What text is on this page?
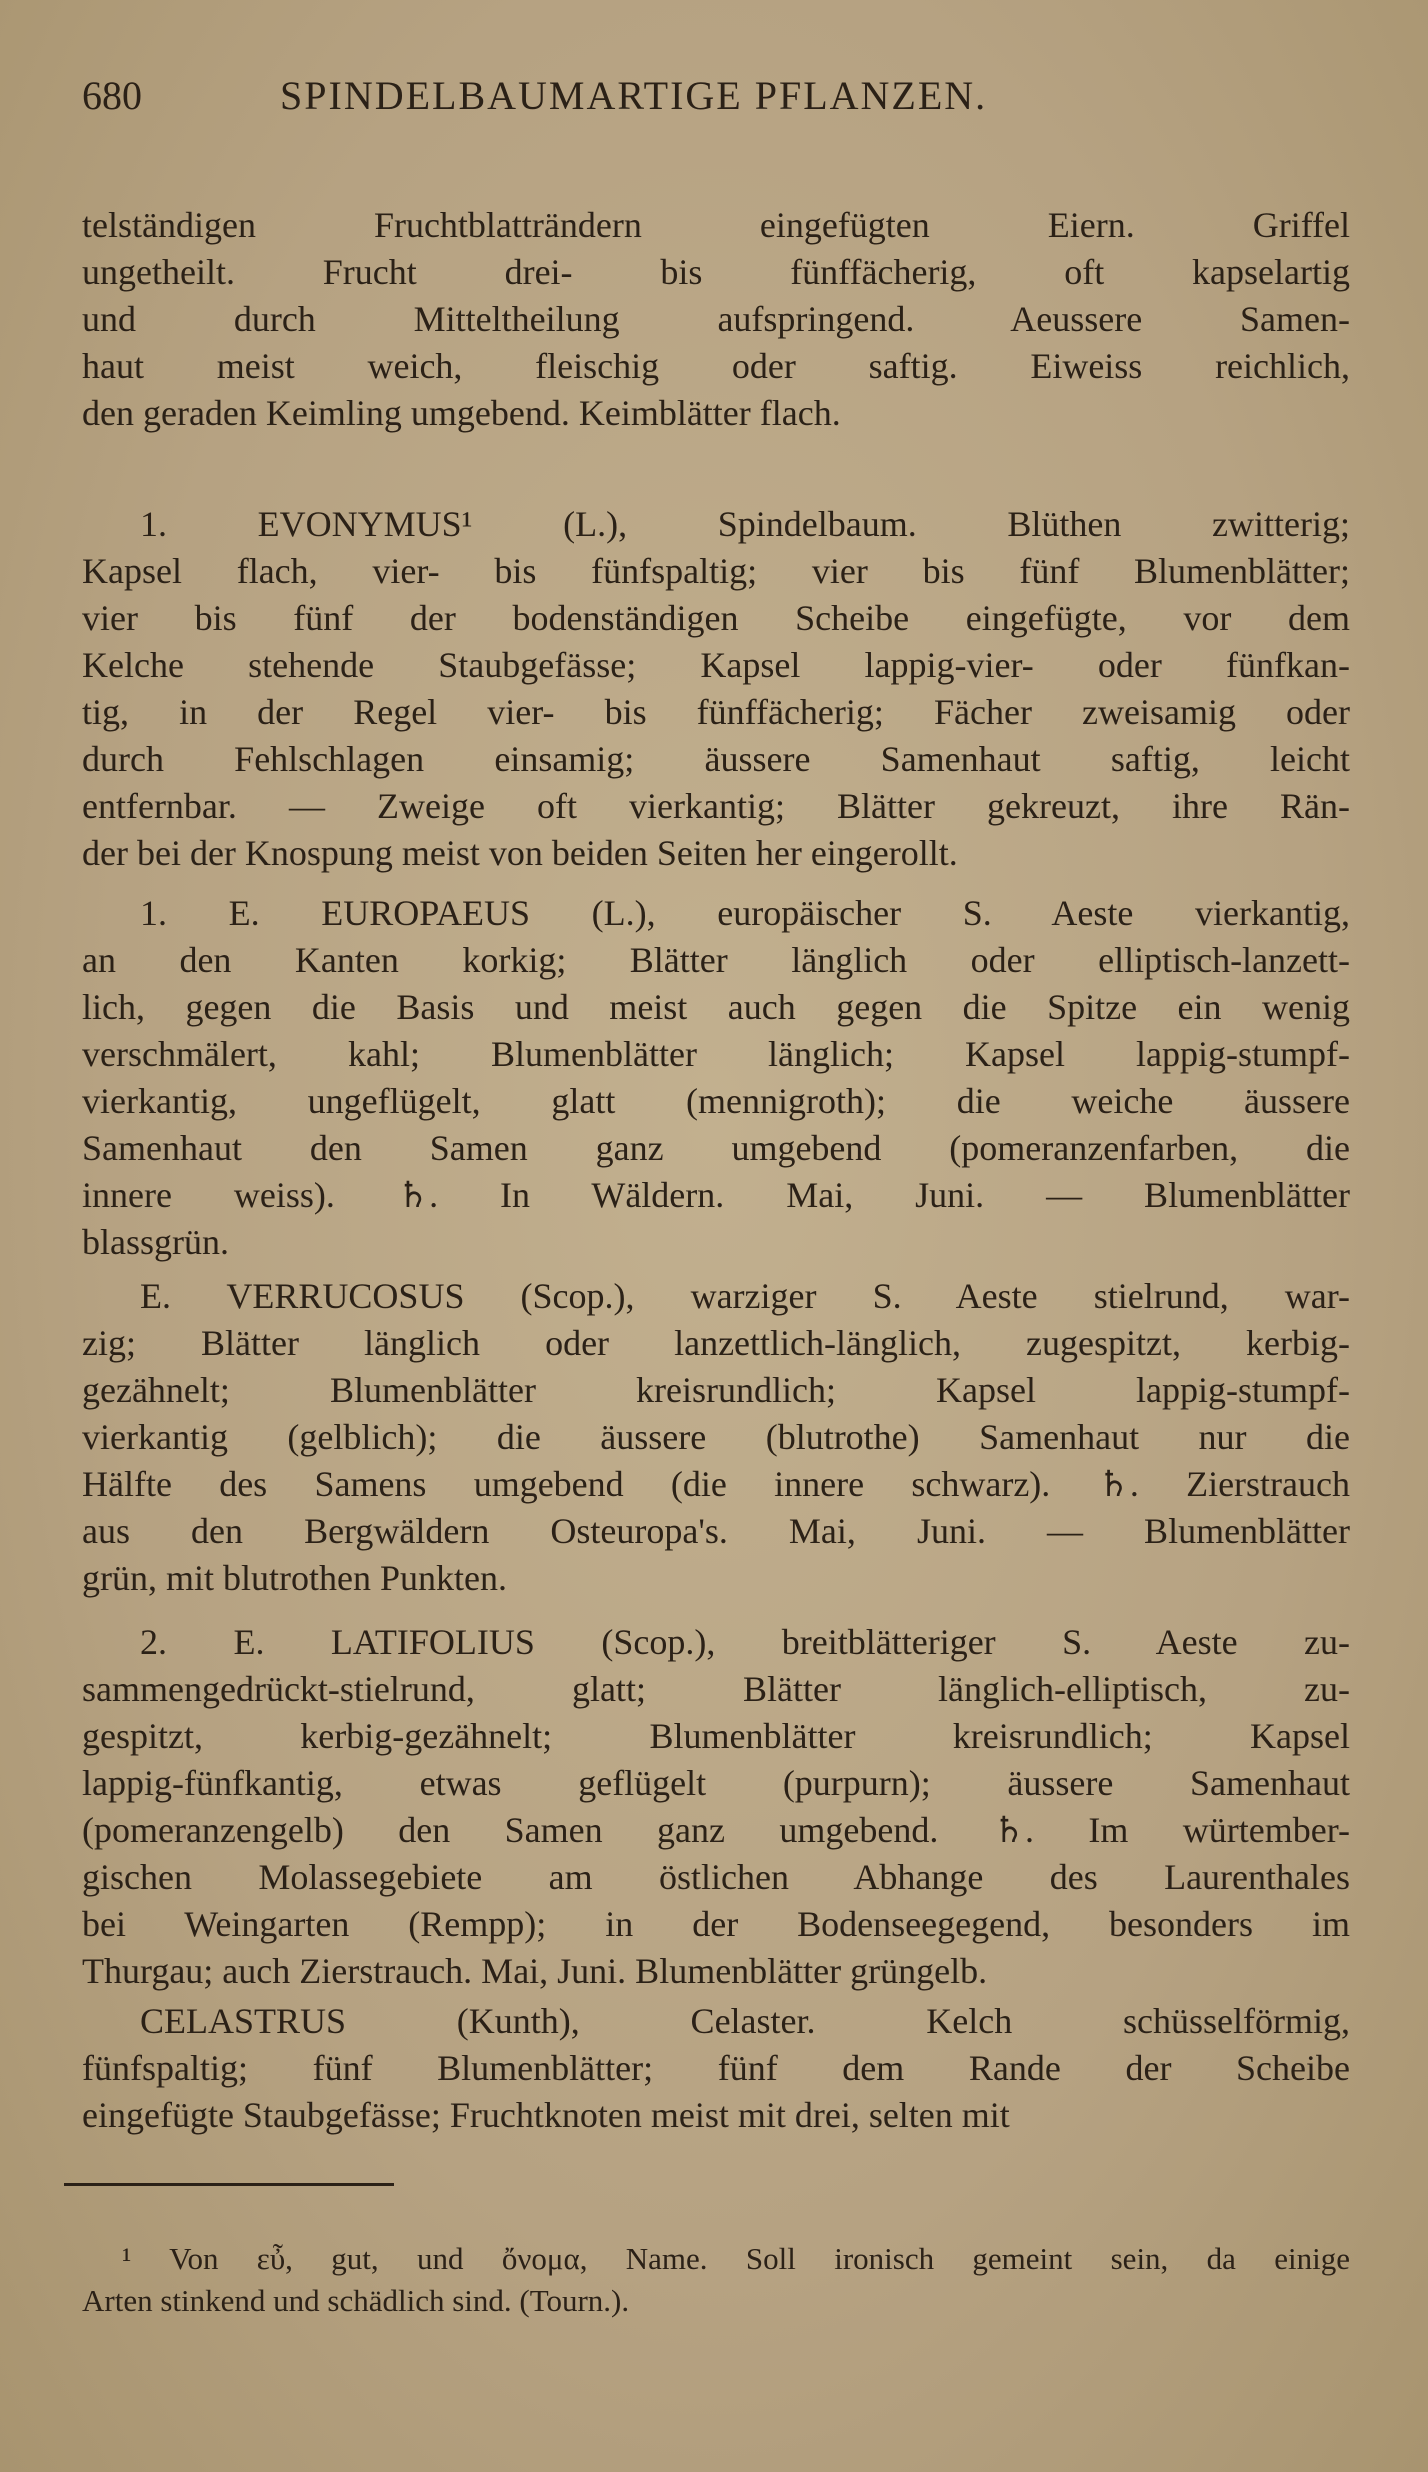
680	SPINDELBAUMARTIGE PFLANZEN.
telständigen Fruchtblatträndern eingefügten Eiern. Griffel
ungetheilt. Frucht drei- bis fünffächerig, oft kapselartig
und durch Mitteltheilung aufspringend. Aeussere Samen-
haut meist weich, fleischig oder saftig. Eiweiss reichlich,
den geraden Keimling umgebend. Keimblätter flach.
1. EVONYMUS¹ (L.), Spindelbaum. Blüthen zwitterig;
Kapsel flach, vier- bis fünfspaltig; vier bis fünf Blumenblätter;
vier bis fünf der bodenständigen Scheibe eingefügte, vor dem
Kelche stehende Staubgefässe; Kapsel lappig-vier- oder fünfkan-
tig, in der Regel vier- bis fünffächerig; Fächer zweisamig oder
durch Fehlschlagen einsamig; äussere Samenhaut saftig, leicht
entfernbar. — Zweige oft vierkantig; Blätter gekreuzt, ihre Rän-
der bei der Knospung meist von beiden Seiten her eingerollt.
1. E. EUROPAEUS (L.), europäischer S. Aeste vierkantig,
an den Kanten korkig; Blätter länglich oder elliptisch-lanzett-
lich, gegen die Basis und meist auch gegen die Spitze ein wenig
verschmälert, kahl; Blumenblätter länglich; Kapsel lappig-stumpf-
vierkantig, ungeflügelt, glatt (mennigroth); die weiche äussere
Samenhaut den Samen ganz umgebend (pomeranzenfarben, die
innere weiss). ♄. In Wäldern. Mai, Juni. — Blumenblätter
blassgrün.
E. VERRUCOSUS (Scop.), warziger S. Aeste stielrund, war-
zig; Blätter länglich oder lanzettlich-länglich, zugespitzt, kerbig-
gezähnelt; Blumenblätter kreisrundlich; Kapsel lappig-stumpf-
vierkantig (gelblich); die äussere (blutrothe) Samenhaut nur die
Hälfte des Samens umgebend (die innere schwarz). ♄. Zierstrauch
aus den Bergwäldern Osteuropa's. Mai, Juni. — Blumenblätter
grün, mit blutrothen Punkten.
2. E. LATIFOLIUS (Scop.), breitblätteriger S. Aeste zu-
sammengedrückt-stielrund, glatt; Blätter länglich-elliptisch, zu-
gespitzt, kerbig-gezähnelt; Blumenblätter kreisrundlich; Kapsel
lappig-fünfkantig, etwas geflügelt (purpurn); äussere Samenhaut
(pomeranzengelb) den Samen ganz umgebend. ♄. Im würtember-
gischen Molassegebiete am östlichen Abhange des Laurenthales
bei Weingarten (Rempp); in der Bodenseegegend, besonders im
Thurgau; auch Zierstrauch. Mai, Juni. Blumenblätter grüngelb.
CELASTRUS (Kunth), Celaster. Kelch schüsselförmig,
fünfspaltig; fünf Blumenblätter; fünf dem Rande der Scheibe
eingefügte Staubgefässe; Fruchtknoten meist mit drei, selten mit
¹ Von εὖ, gut, und ὄνομα, Name. Soll ironisch gemeint sein, da einige
Arten stinkend und schädlich sind. (Tourn.).
